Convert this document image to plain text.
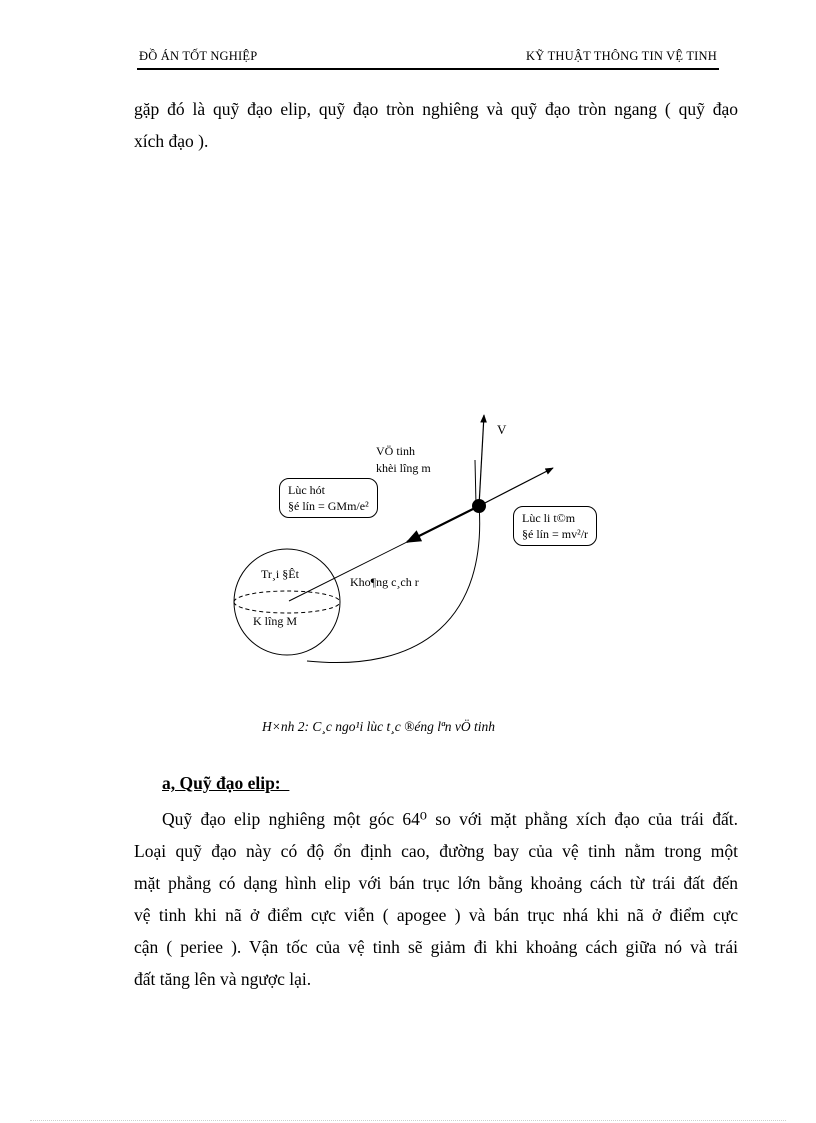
ĐỒ ÁN TỐT NGHIỆP	KỸ THUẬT THÔNG TIN VỆ TINH
gặp đó là quỹ đạo elip, quỹ đạo tròn nghiêng và quỹ đạo tròn ngang ( quỹ đạo
xích đạo ).
V
VÖ tinh
khèi lîng m
Lùc hót
§é lín = GMm/e²
Lùc li t©m
§é lín = mv²/r
Tr¸i §Êt
K lîng M
Kho¶ng c¸ch r
H×nh 2: C¸c ngo¹i lùc t¸c ®éng lªn vÖ tinh
a, Quỹ đạo elip:
Quỹ đạo elip nghiêng một góc 64⁰ so với mặt phẳng xích đạo của trái đất.
Loại quỹ đạo này có độ ổn định cao, đường bay của vệ tinh nằm trong một
mặt phẳng có dạng hình elip với bán trục lớn bằng khoảng cách từ trái đất đến
vệ tinh khi nã ở điểm cực viễn ( apogee ) và bán trục nhá khi nã ở điểm cực
cận ( periee ). Vận tốc của vệ tinh sẽ giảm đi khi khoảng cách giữa nó và trái
đất tăng lên và ngược lại.
